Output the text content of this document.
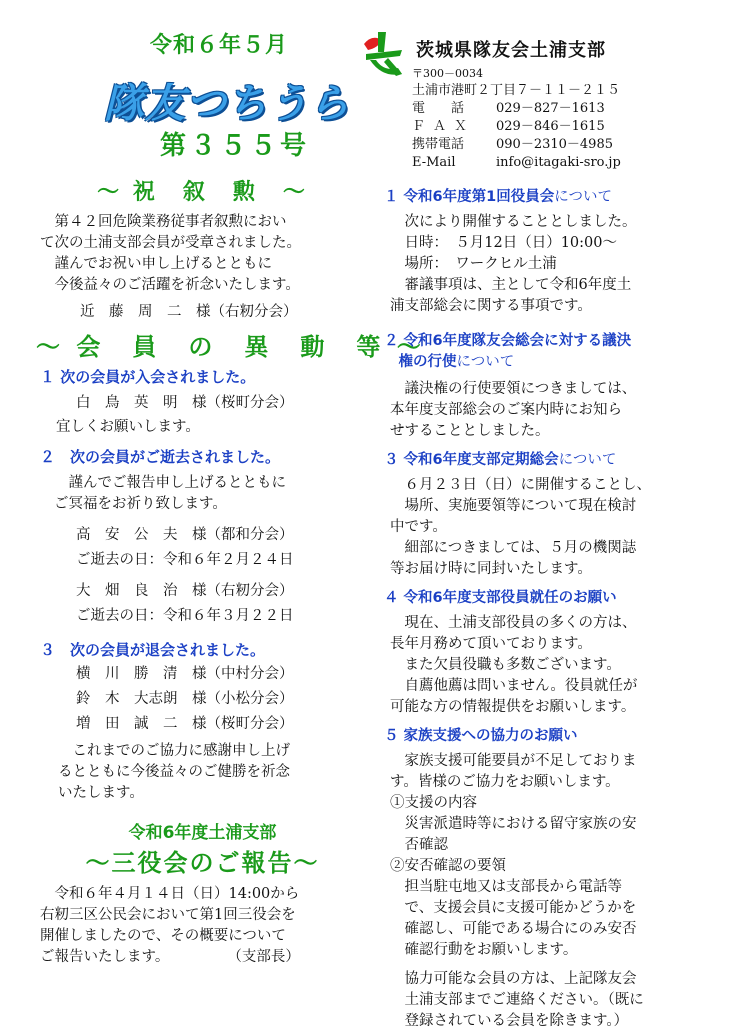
令和６年５月
隊友つちうら
第３５５号
茨城県隊友会土浦支部
〒300－0034
土浦市港町２丁目７－１１－２１５
電　　話	029－827－1613
ＦＡＸ	029－846－1615
携帯電話	090－2310－4985
E-Mail	info@itagaki-sro.jp
～ 祝　叙　勲　～

　第４２回危険業務従事者叙勲におい

て次の土浦支部会員が受章されました。

　謹んでお祝い申し上げるとともに

　今後益々のご活躍を祈念いたします。

近　藤　周　二　様（右籾分会）

～ 会　員　の　異　動　等 ～
１ 次の会員が入会されました。

白　鳥　英　明　様（桜町分会）

宜しくお願いします。

２　次の会員がご逝去されました。

　謹んでご報告申し上げるとともに

ご冥福をお祈り致します。

高　安　公　夫　様（都和分会）

ご逝去の日：令和６年２月２４日

大　畑　良　治　様（右籾分会）

ご逝去の日：令和６年３月２２日

３　次の会員が退会されました。

横　川　勝　清　様（中村分会）

鈴　木　大志朗　様（小松分会）

増　田　誠　二　様（桜町分会）

　これまでのご協力に感謝申し上げ

るとともに今後益々のご健勝を祈念

いたします。

令和6年度土浦支部
～三役会のご報告～

　令和６年４月１４日（日）14:00から

右籾三区公民会において第1回三役会を

開催しましたので、その概要について

ご報告いたします。　　　　　（支部長）

１ 令和6年度第1回役員会について

　次により開催することとしました。

　日時：　５月12日（日）10:00～

　場所：　ワークヒル土浦

　審議事項は、主として令和6年度土

浦支部総会に関する事項です。

２ 令和6年度隊友会総会に対する議決
　権の行使について

　議決権の行使要領につきましては、

本年度支部総会のご案内時にお知ら

せすることとしました。

３ 令和6年度支部定期総会について

　６月２３日（日）に開催することし、

　場所、実施要領等について現在検討

中です。

　細部につきましては、５月の機関誌

等お届け時に同封いたします。

４ 令和6年度支部役員就任のお願い

　現在、土浦支部役員の多くの方は、

長年月務めて頂いております。

　また欠員役職も多数ございます。

　自薦他薦は問いません。役員就任が

可能な方の情報提供をお願いします。

５ 家族支援への協力のお願い

　家族支援可能要員が不足しておりま

す。皆様のご協力をお願いします。

①支援の内容

　災害派遣時等における留守家族の安

　否確認

②安否確認の要領

　担当駐屯地又は支部長から電話等

　で、支援会員に支援可能かどうかを

　確認し、可能である場合にのみ安否

　確認行動をお願いします。

　協力可能な会員の方は、上記隊友会

　土浦支部までご連絡ください。（既に

　登録されている会員を除きます。）
